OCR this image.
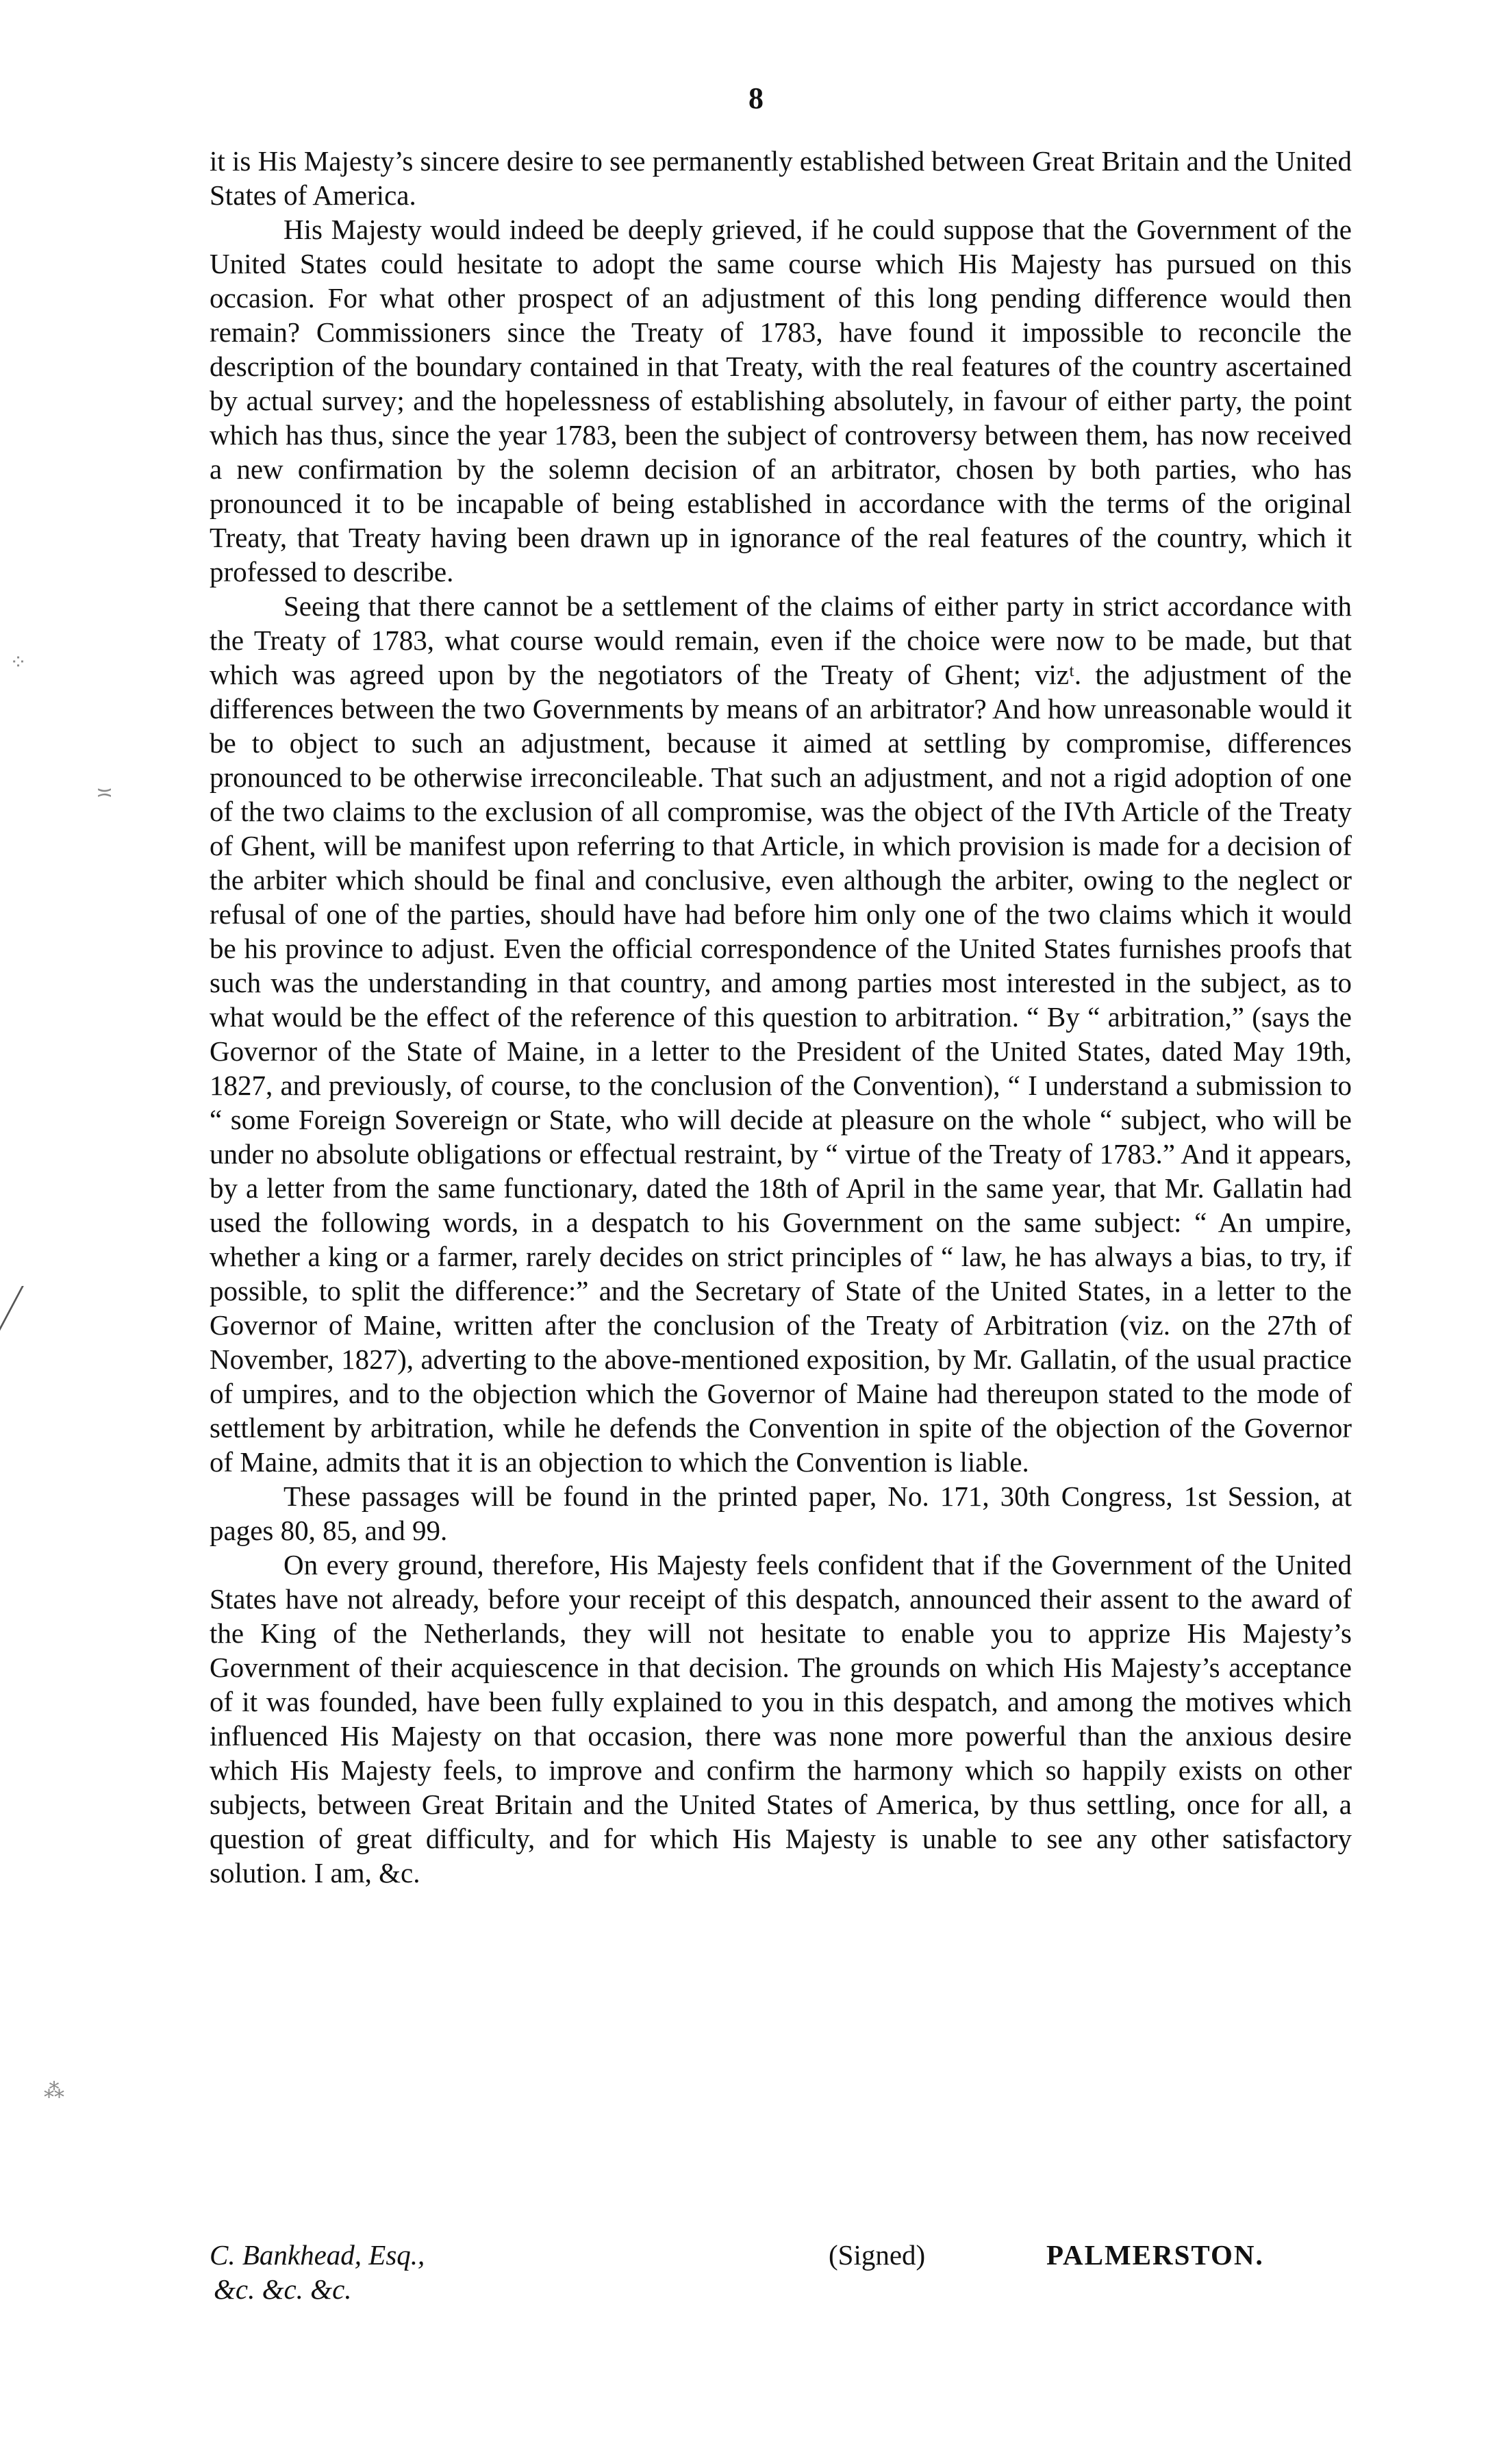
8

it is His Majesty’s sincere desire to see permanently established between Great Britain and the United States of America.

His Majesty would indeed be deeply grieved, if he could suppose that the Government of the United States could hesitate to adopt the same course which His Majesty has pursued on this occasion. For what other prospect of an adjustment of this long pending difference would then remain? Commissioners since the Treaty of 1783, have found it impossible to reconcile the description of the boundary contained in that Treaty, with the real features of the country ascertained by actual survey; and the hopelessness of establishing absolutely, in favour of either party, the point which has thus, since the year 1783, been the subject of controversy between them, has now received a new confirmation by the solemn decision of an arbitrator, chosen by both parties, who has pronounced it to be incapable of being established in accordance with the terms of the original Treaty, that Treaty having been drawn up in ignorance of the real features of the country, which it professed to describe.

Seeing that there cannot be a settlement of the claims of either party in strict accordance with the Treaty of 1783, what course would remain, even if the choice were now to be made, but that which was agreed upon by the negotiators of the Treaty of Ghent; vizᵗ. the adjustment of the differences between the two Governments by means of an arbitrator? And how unreasonable would it be to object to such an adjustment, because it aimed at settling by compromise, differences pronounced to be otherwise irreconcileable. That such an adjustment, and not a rigid adoption of one of the two claims to the exclusion of all compromise, was the object of the IVth Article of the Treaty of Ghent, will be manifest upon referring to that Article, in which provision is made for a decision of the arbiter which should be final and conclusive, even although the arbiter, owing to the neglect or refusal of one of the parties, should have had before him only one of the two claims which it would be his province to adjust. Even the official correspondence of the United States furnishes proofs that such was the understanding in that country, and among parties most interested in the subject, as to what would be the effect of the reference of this question to arbitration. “ By “ arbitration,” (says the Governor of the State of Maine, in a letter to the President of the United States, dated May 19th, 1827, and previously, of course, to the conclusion of the Convention), “ I understand a submission to “ some Foreign Sovereign or State, who will decide at pleasure on the whole “ subject, who will be under no absolute obligations or effectual restraint, by “ virtue of the Treaty of 1783.” And it appears, by a letter from the same functionary, dated the 18th of April in the same year, that Mr. Gallatin had used the following words, in a despatch to his Government on the same subject: “ An umpire, whether a king or a farmer, rarely decides on strict principles of “ law, he has always a bias, to try, if possible, to split the difference:” and the Secretary of State of the United States, in a letter to the Governor of Maine, written after the conclusion of the Treaty of Arbitration (viz. on the 27th of November, 1827), adverting to the above-mentioned exposition, by Mr. Gallatin, of the usual practice of umpires, and to the objection which the Governor of Maine had thereupon stated to the mode of settlement by arbitration, while he defends the Convention in spite of the objection of the Governor of Maine, admits that it is an objection to which the Convention is liable.

These passages will be found in the printed paper, No. 171, 30th Congress, 1st Session, at pages 80, 85, and 99.

On every ground, therefore, His Majesty feels confident that if the Government of the United States have not already, before your receipt of this despatch, announced their assent to the award of the King of the Netherlands, they will not hesitate to enable you to apprize His Majesty’s Government of their acquiescence in that decision. The grounds on which His Majesty’s acceptance of it was founded, have been fully explained to you in this despatch, and among the motives which influenced His Majesty on that occasion, there was none more powerful than the anxious desire which His Majesty feels, to improve and confirm the harmony which so happily exists on other subjects, between Great Britain and the United States of America, by thus settling, once for all, a question of great difficulty, and for which His Majesty is unable to see any other satisfactory solution. I am, &c.

C. Bankhead, Esq.,
&c. &c. &c.
(Signed)	PALMERSTON.
⁘
≍
⁂
